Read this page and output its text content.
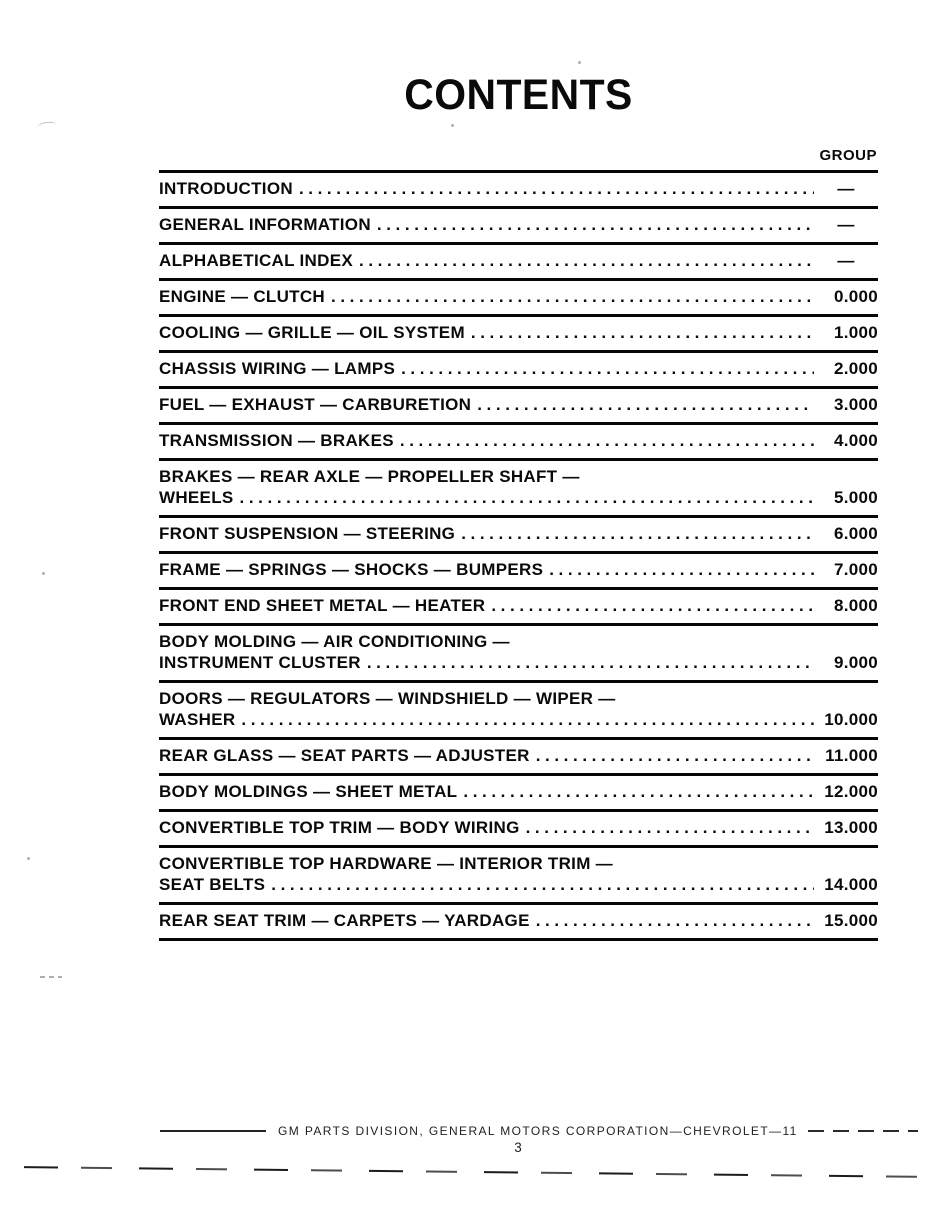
CONTENTS
GROUP
INTRODUCTION .....	—
GENERAL INFORMATION .....	—
ALPHABETICAL INDEX .....	—
ENGINE — CLUTCH .....	0.000
COOLING — GRILLE — OIL SYSTEM .....	1.000
CHASSIS WIRING — LAMPS .....	2.000
FUEL — EXHAUST — CARBURETION .....	3.000
TRANSMISSION — BRAKES .....	4.000
BRAKES — REAR AXLE — PROPELLER SHAFT —
WHEELS .....	5.000
FRONT SUSPENSION — STEERING .....	6.000
FRAME — SPRINGS — SHOCKS — BUMPERS .....	7.000
FRONT END SHEET METAL — HEATER .....	8.000
BODY MOLDING — AIR CONDITIONING —
INSTRUMENT CLUSTER .....	9.000
DOORS — REGULATORS — WINDSHIELD — WIPER —
WASHER .....	10.000
REAR GLASS — SEAT PARTS — ADJUSTER .....	11.000
BODY MOLDINGS — SHEET METAL .....	12.000
CONVERTIBLE TOP TRIM — BODY WIRING .....	13.000
CONVERTIBLE TOP HARDWARE — INTERIOR TRIM —
SEAT BELTS .....	14.000
REAR SEAT TRIM — CARPETS — YARDAGE .....	15.000
GM PARTS DIVISION, GENERAL MOTORS CORPORATION—CHEVROLET—11
3
